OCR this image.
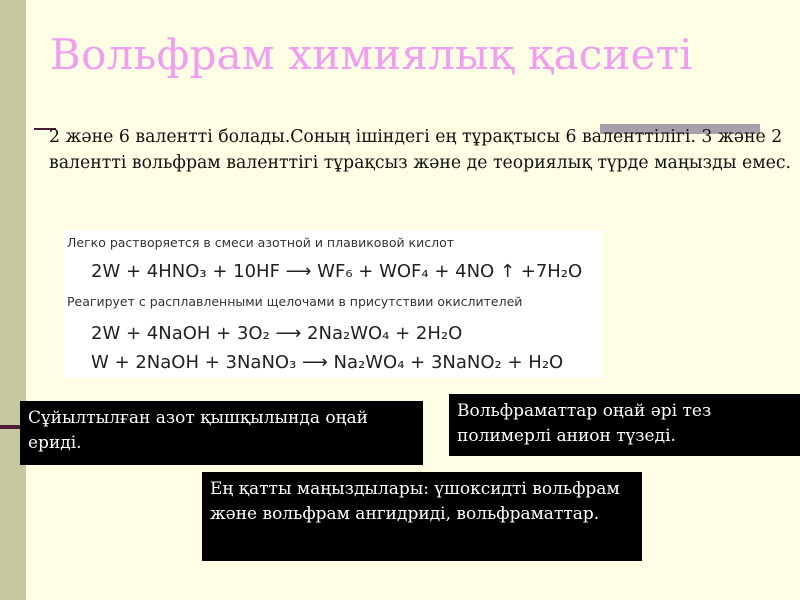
Вольфрам химиялық қасиеті
2 және 6 валентті болады.Соның ішіндегі ең тұрақтысы 6 валенттілігі. 3 және 2 валентті вольфрам валенттігі тұрақсыз және де теориялық түрде маңызды емес.
Легко растворяется в смеси азотной и плавиковой кислот
2W + 4HNO₃ + 10HF ⟶ WF₆ + WOF₄ + 4NO ↑ +7H₂O
Реагирует с расплавленными щелочами в присутствии окислителей
2W + 4NaOH + 3O₂ ⟶ 2Na₂WO₄ + 2H₂O
W + 2NaOH + 3NaNO₃ ⟶ Na₂WO₄ + 3NaNO₂ + H₂O
Сұйылтылған азот қышқылында оңай ериді.
Вольфраматтар оңай әрі тез полимерлі анион түзеді.
Ең қатты маңыздылары: үшоксидті вольфрам және вольфрам ангидриді, вольфраматтар.
